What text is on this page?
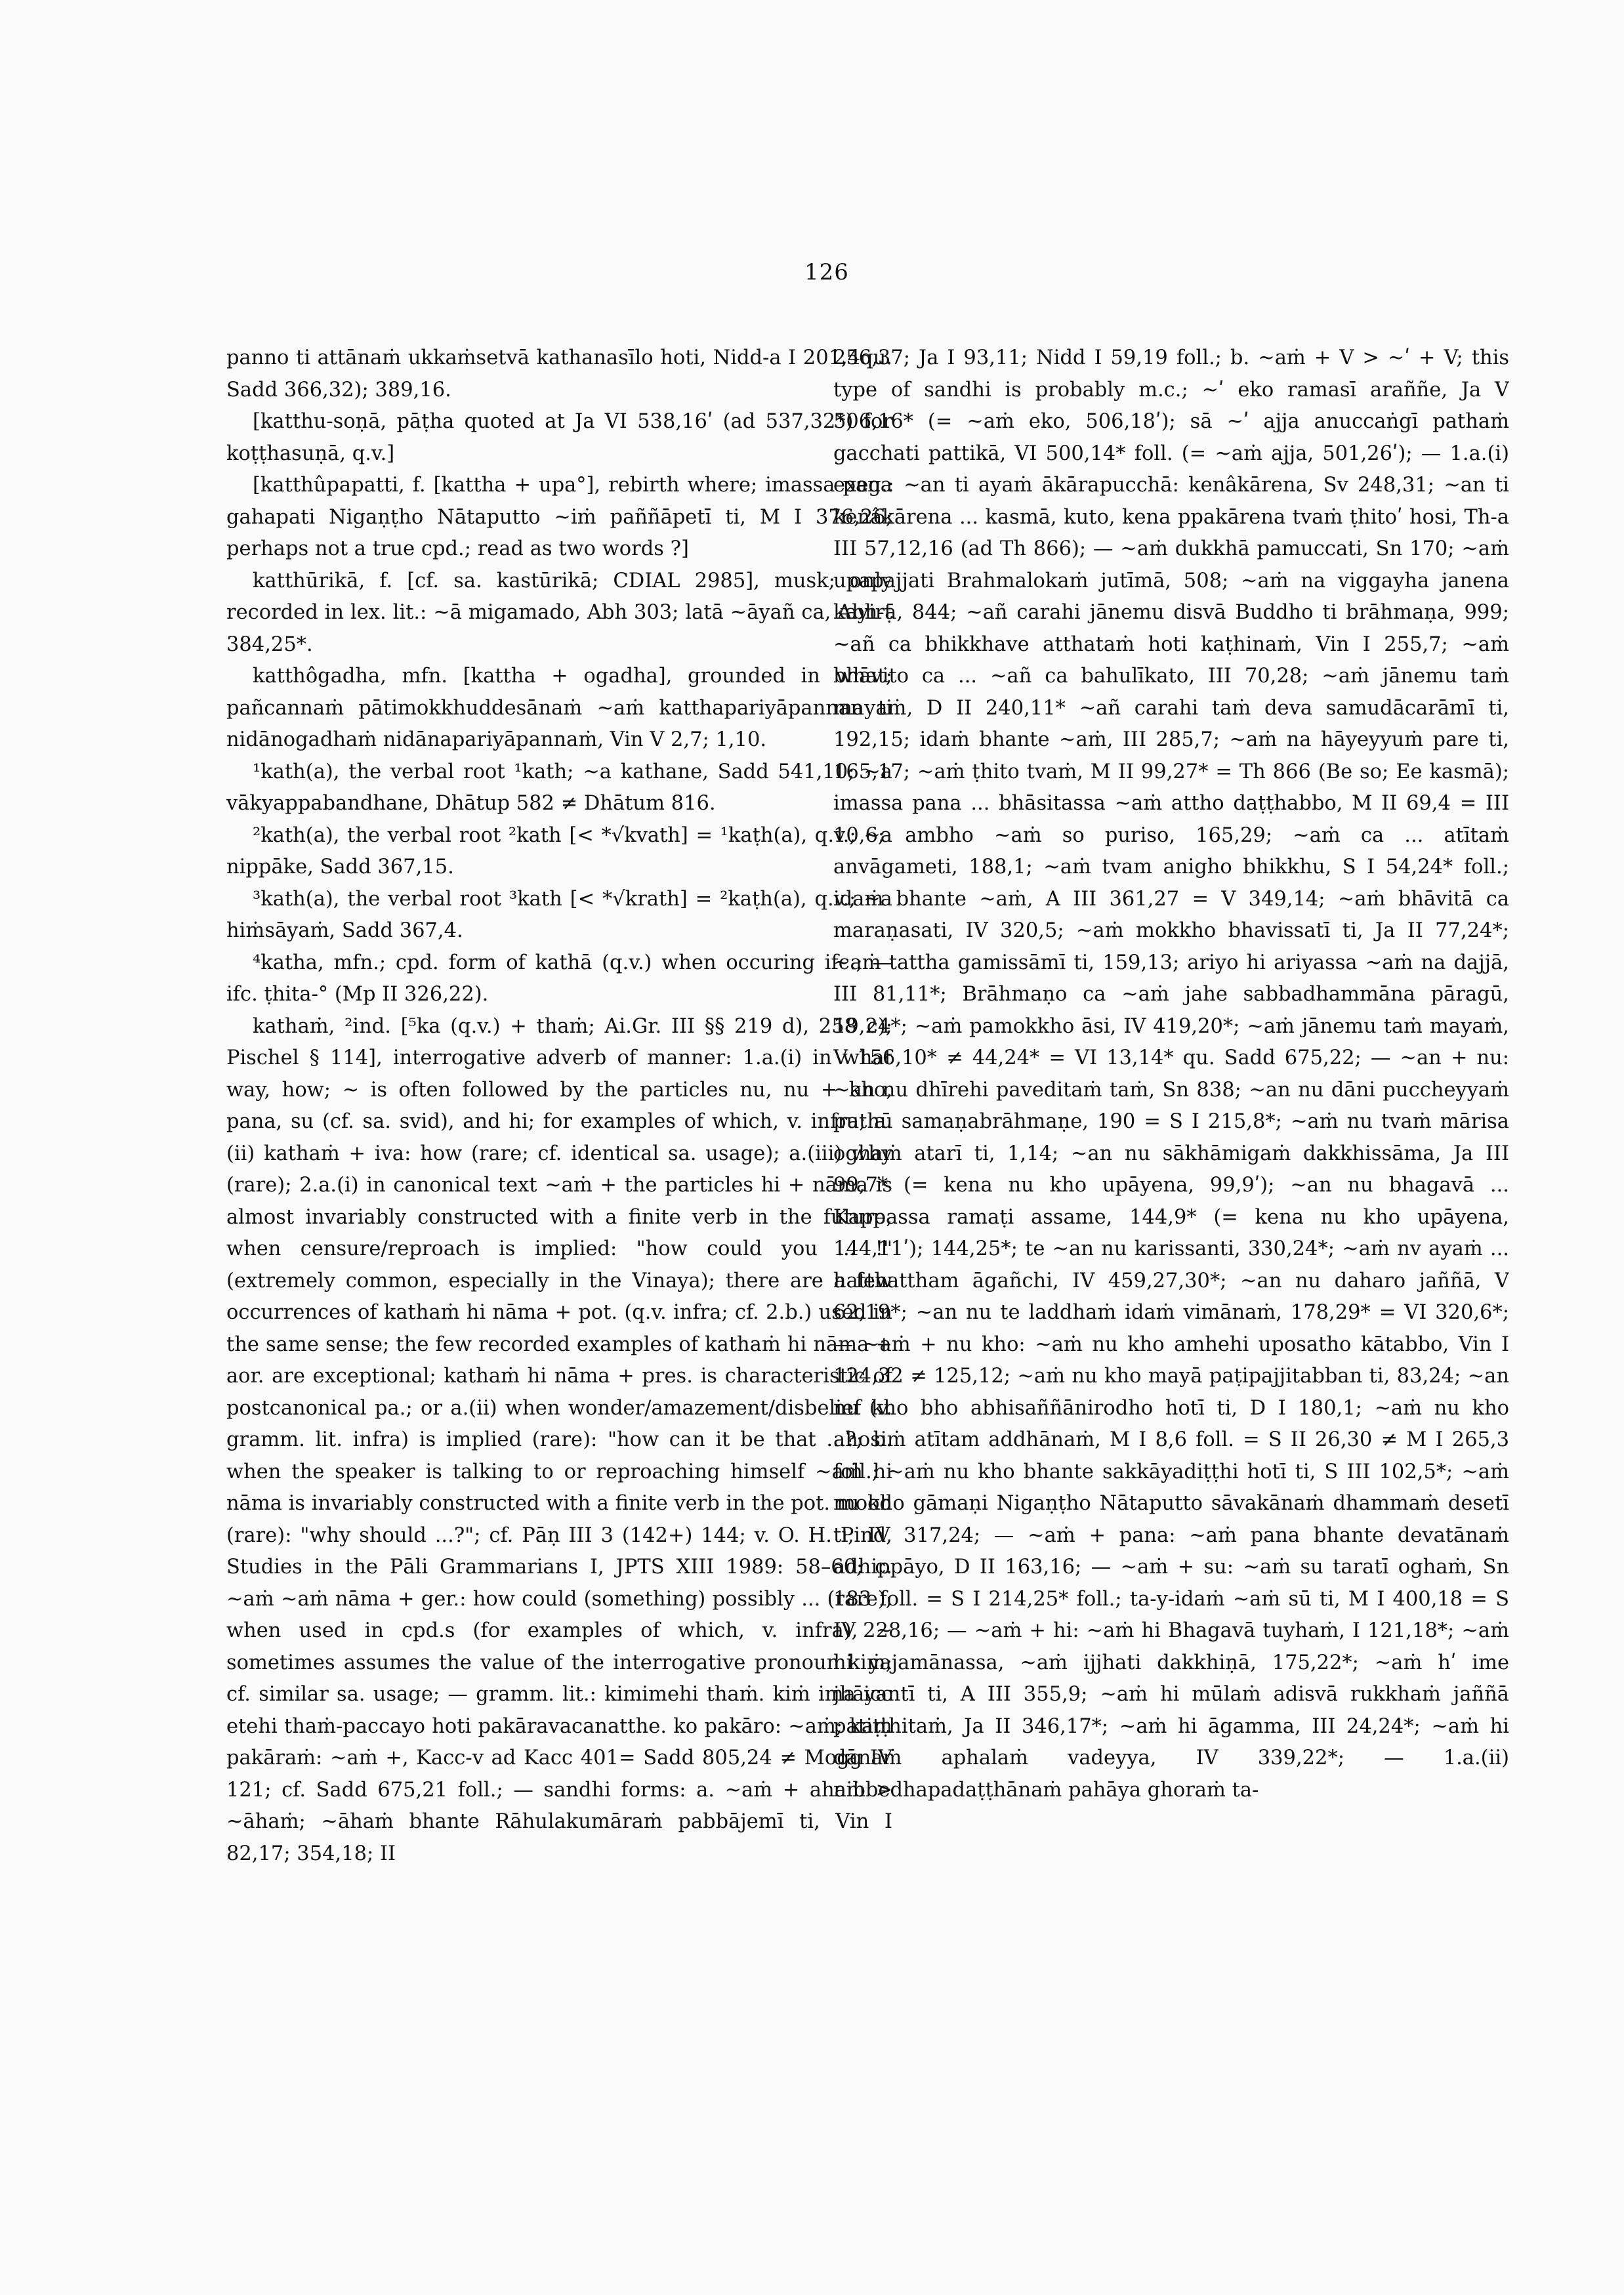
126

panno ti attānaṁ ukkaṁsetvā kathanasīlo hoti, Nidd-a I 201,4qu. Sadd 366,32); 389,16.

[katthu-soṇā, pāṭha quoted at Ja VI 538,16ʹ (ad 537,32*) for koṭṭhasuṇā, q.v.]

[katthûpapatti, f. [kattha + upa°], rebirth where; imassa pana gahapati Nigaṇṭho Nātaputto ~iṁ paññāpetī ti, M I 376,26; perhaps not a true cpd.; read as two words ?]

katthūrikā, f. [cf. sa. kastūrikā; CDIAL 2985], musk; only recorded in lex. lit.: ~ā migamado, Abh 303; latā ~āyañ ca, Abh-ṭ 384,25*.

katthôgadha, mfn. [kattha + ogadha], grounded in what; pañcannaṁ pātimokkhuddesānaṁ ~aṁ katthapariyāpannan ti nidānogadhaṁ nidānapariyāpannaṁ, Vin V 2,7; 1,10.

¹kath(a), the verbal root ¹kath; ~a kathane, Sadd 541,10; ~a vākyappabandhane, Dhātup 582 ≠ Dhātum 816.

²kath(a), the verbal root ²kath [< *√kvath] = ¹kaṭh(a), q.v.; ~a nippāke, Sadd 367,15.

³kath(a), the verbal root ³kath [< *√krath] = ²kaṭh(a), q.v.; ~a hiṁsāyaṁ, Sadd 367,4.

⁴katha, mfn.; cpd. form of kathā (q.v.) when occuring ifc.; — ifc. ṭhita-° (Mp II 326,22).

kathaṁ, ²ind. [⁵ka (q.v.) + thaṁ; Ai.Gr. III §§ 219 d), 258 c); Pischel § 114], interrogative adverb of manner: 1.a.(i) in what way, how; ~ is often followed by the particles nu, nu + kho, pana, su (cf. sa. svid), and hi; for examples of which, v. infra; a.(ii) kathaṁ + iva: how (rare; cf. identical sa. usage); a.(iii) why (rare); 2.a.(i) in canonical text ~aṁ + the particles hi + nāma is almost invariably constructed with a finite verb in the future, when censure/reproach is implied: "how could you ... !" (extremely common, especially in the Vinaya); there are a few occurrences of kathaṁ hi nāma + pot. (q.v. infra; cf. 2.b.) used in the same sense; the few recorded examples of kathaṁ hi nāma + aor. are exceptional; kathaṁ hi nāma + pres. is characteristic of postcanonical pa.; or a.(ii) when wonder/amazement/disbelief (v. gramm. lit. infra) is implied (rare): "how can it be that ...?; b. when the speaker is talking to or reproaching himself ~aṁ hi nāma is invariably constructed with a finite verb in the pot. mood (rare): "why should ...?"; cf. Pāṇ III 3 (142+) 144; v. O. H. Pind, Studies in the Pāli Grammarians I, JPTS XIII 1989: 58–60; c. ~aṁ ~aṁ nāma + ger.: how could (something) possibly ... (rare); when used in cpd.s (for examples of which, v. infra), ~ sometimes assumes the value of the interrogative pronoun kiṁ; cf. similar sa. usage; — gramm. lit.: kimimehi thaṁ. kiṁ ima icc etehi thaṁ-paccayo hoti pakāravacanatthe. ko pakāro: ~aṁ; kaṁ pakāraṁ: ~aṁ +, Kacc-v ad Kacc 401= Sadd 805,24 ≠ Mogg IV 121; cf. Sadd 675,21 foll.; — sandhi forms: a. ~aṁ + ahaṁ > ~āhaṁ; ~āhaṁ bhante Rāhulakumāraṁ pabbājemī ti, Vin I 82,17; 354,18; II

256,37; Ja I 93,11; Nidd I 59,19 foll.; b. ~aṁ + V > ~ʹ + V; this type of sandhi is probably m.c.; ~ʹ eko ramasī araññe, Ja V 506,16* (= ~aṁ eko, 506,18ʹ); sā ~ʹ ajja anuccaṅgī pathaṁ gacchati pattikā, VI 500,14* foll. (= ~aṁ ajja, 501,26ʹ); — 1.a.(i) exeg.: ~an ti ayaṁ ākārapucchā: kenâkārena, Sv 248,31; ~an ti kenâkārena ... kasmā, kuto, kena ppakārena tvaṁ ṭhitoʹ hosi, Th-a III 57,12,16 (ad Th 866); — ~aṁ dukkhā pamuccati, Sn 170; ~aṁ upapajjati Brahmalokaṁ jutīmā, 508; ~aṁ na viggayha janena kayirā, 844; ~añ carahi jānemu disvā Buddho ti brāhmaṇa, 999; ~añ ca bhikkhave atthataṁ hoti kaṭhinaṁ, Vin I 255,7; ~aṁ bhāvito ca ... ~añ ca bahulīkato, III 70,28; ~aṁ jānemu taṁ mayaṁ, D II 240,11* ~añ carahi taṁ deva samudācarāmī ti, 192,15; idaṁ bhante ~aṁ, III 285,7; ~aṁ na hāyeyyuṁ pare ti, 165,17; ~aṁ ṭhito tvaṁ, M II 99,27* = Th 866 (Be so; Ee kasmā); imassa pana ... bhāsitassa ~aṁ attho daṭṭhabbo, M II 69,4 = III 10,6; ambho ~aṁ so puriso, 165,29; ~aṁ ca ... atītaṁ anvāgameti, 188,1; ~aṁ tvam anigho bhikkhu, S I 54,24* foll.; idaṁ bhante ~aṁ, A III 361,27 = V 349,14; ~aṁ bhāvitā ca maraṇasati, IV 320,5; ~aṁ mokkho bhavissatī ti, Ja II 77,24*; ~aṁ tattha gamissāmī ti, 159,13; ariyo hi ariyassa ~aṁ na dajjā, III 81,11*; Brāhmaṇo ca ~aṁ jahe sabbadhammāna pāragū, 19,24*; ~aṁ pamokkho āsi, IV 419,20*; ~aṁ jānemu taṁ mayaṁ, V 156,10* ≠ 44,24* = VI 13,14* qu. Sadd 675,22; — ~an + nu: ~an nu dhīrehi paveditaṁ taṁ, Sn 838; ~an nu dāni puccheyyaṁ puthū samaṇabrāhmaṇe, 190 = S I 215,8*; ~aṁ nu tvaṁ mārisa oghaṁ atarī ti, 1,14; ~an nu sākhāmigaṁ dakkhissāma, Ja III 99,7* (= kena nu kho upāyena, 99,9ʹ); ~an nu bhagavā ... Kappassa ramaṭi assame, 144,9* (= kena nu kho upāyena, 144,11ʹ); 144,25*; te ~an nu karissanti, 330,24*; ~aṁ nv ayaṁ ... hatthattham āgañchi, IV 459,27,30*; ~an nu daharo jaññā, V 62,19*; ~an nu te laddhaṁ idaṁ vimānaṁ, 178,29* = VI 320,6*; — ~aṁ + nu kho: ~aṁ nu kho amhehi uposatho kātabbo, Vin I 124,32 ≠ 125,12; ~aṁ nu kho mayā paṭipajjitabban ti, 83,24; ~an nu kho bho abhisaññānirodho hotī ti, D I 180,1; ~aṁ nu kho ahosiṁ atītam addhānaṁ, M I 8,6 foll. = S II 26,30 ≠ M I 265,3 foll.; ~aṁ nu kho bhante sakkāyadiṭṭhi hotī ti, S III 102,5*; ~aṁ nu kho gāmaṇi Nigaṇṭho Nātaputto sāvakānaṁ dhammaṁ desetī ti, IV 317,24; — ~aṁ + pana: ~aṁ pana bhante devatānaṁ adhippāyo, D II 163,16; — ~aṁ + su: ~aṁ su taratī oghaṁ, Sn 183 foll. = S I 214,25* foll.; ta-y-idaṁ ~aṁ sū ti, M I 400,18 = S IV 228,16; — ~aṁ + hi: ~aṁ hi Bhagavā tuyhaṁ, I 121,18*; ~aṁ hi yajamānassa, ~aṁ ijjhati dakkhiṇā, 175,22*; ~aṁ hʹ ime jhāyantī ti, A III 355,9; ~aṁ hi mūlaṁ adisvā rukkhaṁ jaññā patiṭṭhitaṁ, Ja II 346,17*; ~aṁ hi āgamma, III 24,24*; ~aṁ hi dānaṁ aphalaṁ vadeyya, IV 339,22*; — 1.a.(ii) nibbedhapadaṭṭhānaṁ pahāya ghoraṁ ta-
